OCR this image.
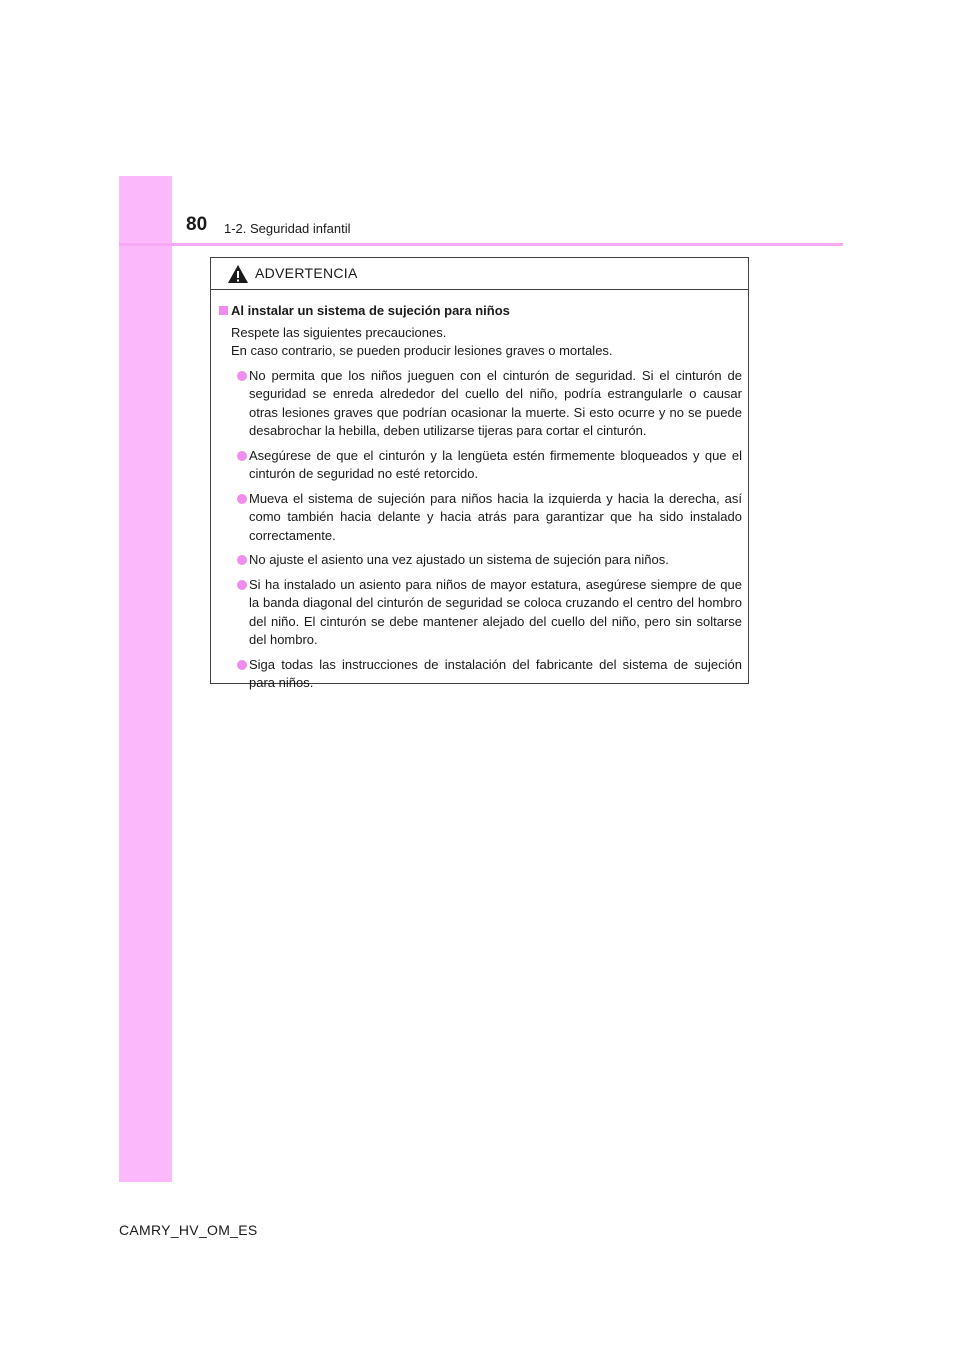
80 1-2. Seguridad infantil
ADVERTENCIA
Al instalar un sistema de sujeción para niños

Respete las siguientes precauciones.

En caso contrario, se pueden producir lesiones graves o mortales.

No permita que los niños jueguen con el cinturón de seguridad. Si el cinturón de seguridad se enreda alrededor del cuello del niño, podría estrangularle o causar otras lesiones graves que podrían ocasionar la muerte. Si esto ocurre y no se puede desabrochar la hebilla, deben utilizarse tijeras para cortar el cinturón.
Asegúrese de que el cinturón y la lengüeta estén firmemente bloqueados y que el cinturón de seguridad no esté retorcido.
Mueva el sistema de sujeción para niños hacia la izquierda y hacia la derecha, así como también hacia delante y hacia atrás para garantizar que ha sido instalado correctamente.
No ajuste el asiento una vez ajustado un sistema de sujeción para niños.
Si ha instalado un asiento para niños de mayor estatura, asegúrese siempre de que la banda diagonal del cinturón de seguridad se coloca cruzando el centro del hombro del niño. El cinturón se debe mantener alejado del cuello del niño, pero sin soltarse del hombro.
Siga todas las instrucciones de instalación del fabricante del sistema de sujeción para niños.
CAMRY_HV_OM_ES
